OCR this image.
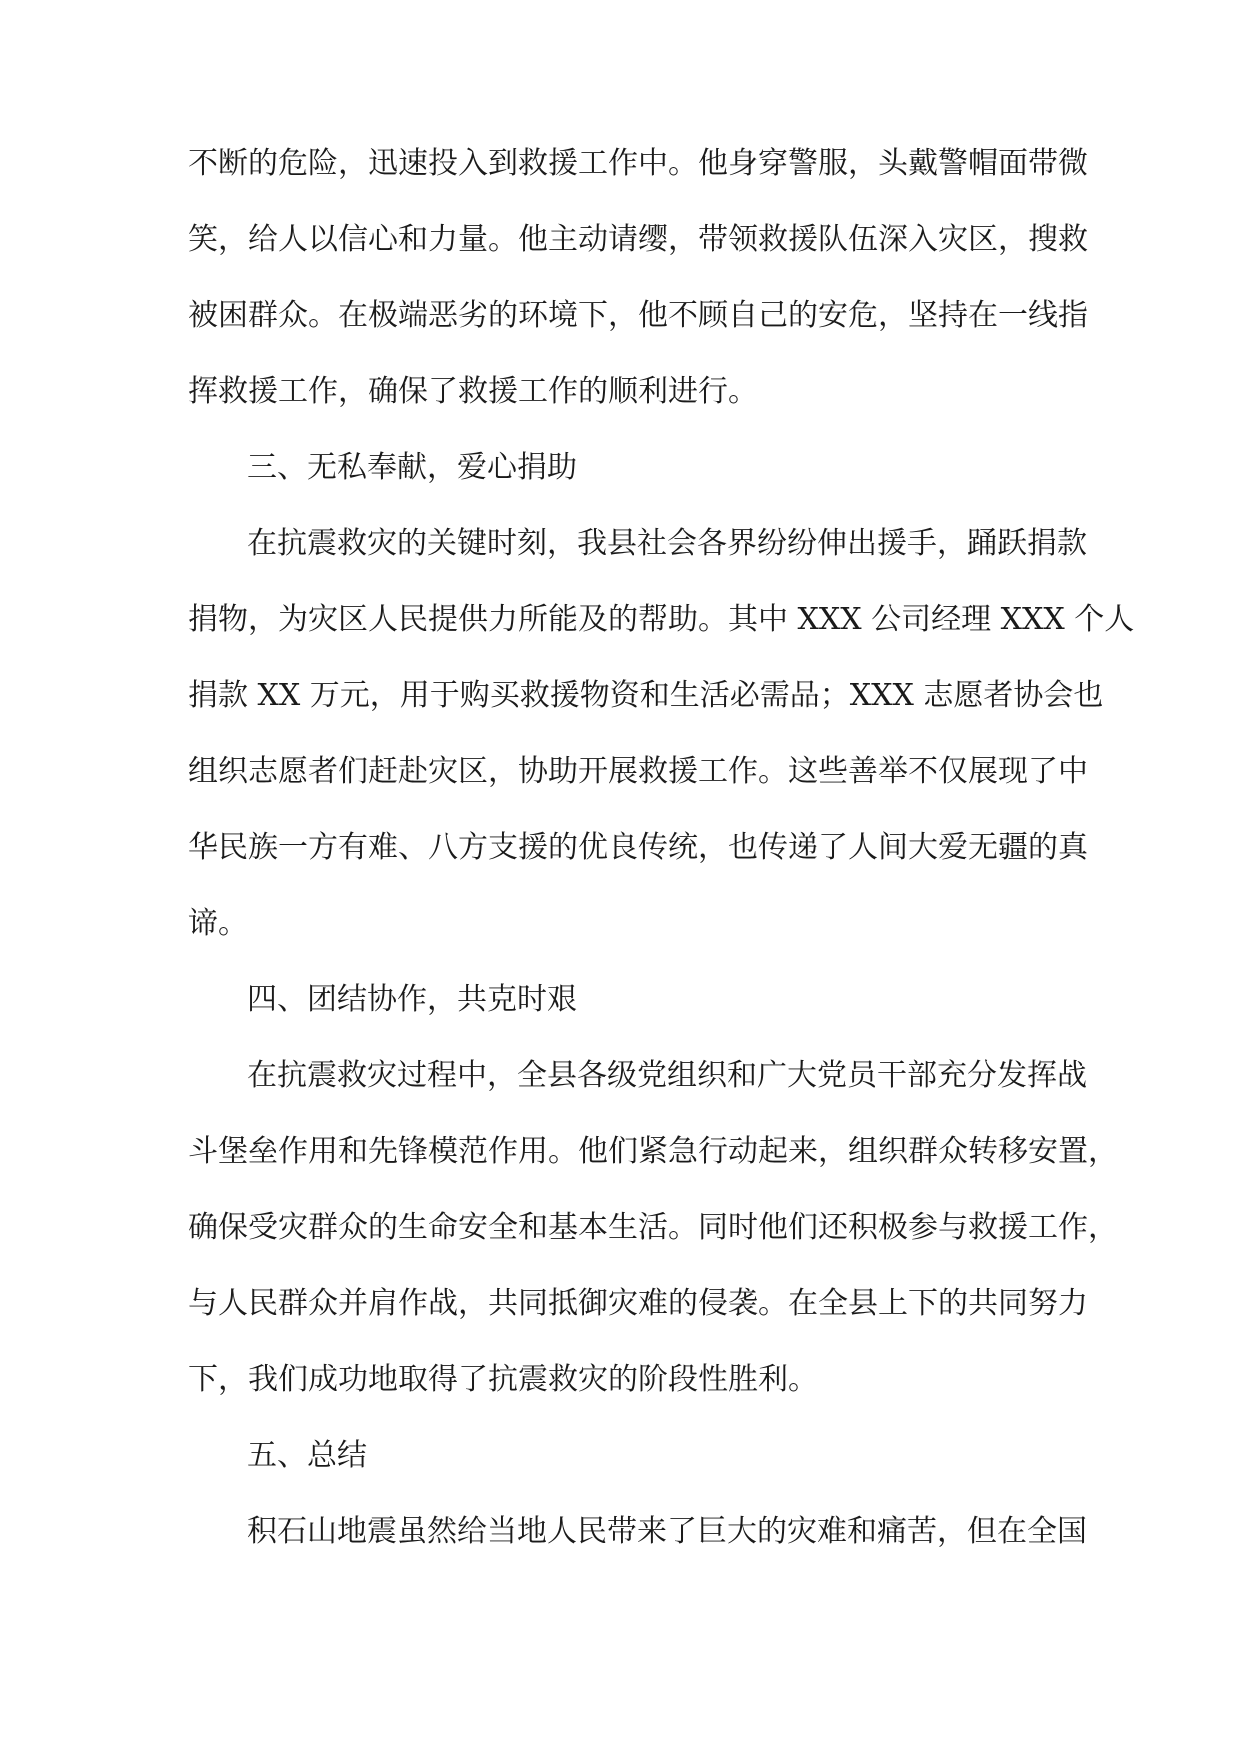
不断的危险，迅速投入到救援工作中。他身穿警服，头戴警帽面带微
笑，给人以信心和力量。他主动请缨，带领救援队伍深入灾区，搜救
被困群众。在极端恶劣的环境下，他不顾自己的安危，坚持在一线指
挥救援工作，确保了救援工作的顺利进行。
三、无私奉献，爱心捐助
在抗震救灾的关键时刻，我县社会各界纷纷伸出援手，踊跃捐款
捐物，为灾区人民提供力所能及的帮助。其中 XXX 公司经理 XXX 个人
捐款 XX 万元，用于购买救援物资和生活必需品；XXX 志愿者协会也
组织志愿者们赶赴灾区，协助开展救援工作。这些善举不仅展现了中
华民族一方有难、八方支援的优良传统，也传递了人间大爱无疆的真
谛。
四、团结协作，共克时艰
在抗震救灾过程中，全县各级党组织和广大党员干部充分发挥战
斗堡垒作用和先锋模范作用。他们紧急行动起来，组织群众转移安置，
确保受灾群众的生命安全和基本生活。同时他们还积极参与救援工作，
与人民群众并肩作战，共同抵御灾难的侵袭。在全县上下的共同努力
下，我们成功地取得了抗震救灾的阶段性胜利。
五、总结
积石山地震虽然给当地人民带来了巨大的灾难和痛苦，但在全国
